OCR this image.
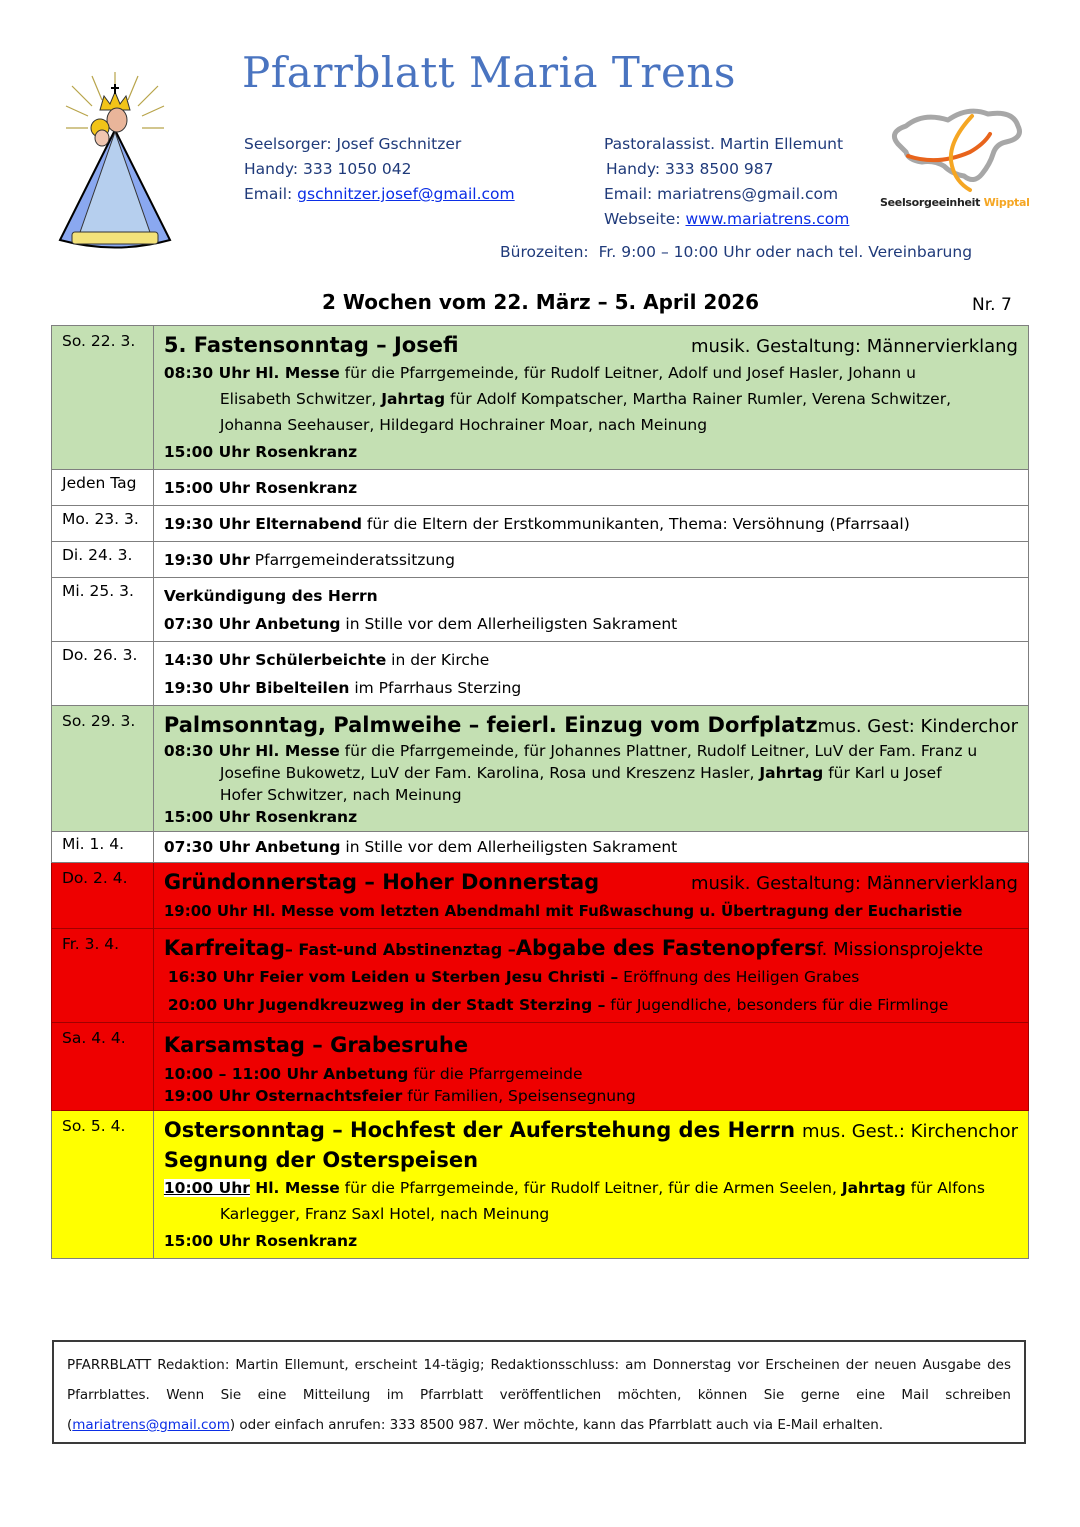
Pfarrblatt Maria Trens
Seelsorger: Josef Gschnitzer
Handy: 333 1050 042
Email: gschnitzer.josef@gmail.com
Pastoralassist. Martin Ellemunt
Handy: 333 8500 987
Email: mariatrens@gmail.com
Webseite: www.mariatrens.com
Seelsorgeeinheit Wipptal
Bürozeiten: Fr. 9:00 – 10:00 Uhr oder nach tel. Vereinbarung
2 Wochen vom 22. März – 5. April 2026	Nr. 7
So. 22. 3.	5. Fastensonntag – Josefi	musik. Gestaltung: Männervierklang
08:30 Uhr Hl. Messe für die Pfarrgemeinde, für Rudolf Leitner, Adolf und Josef Hasler, Johann u
Elisabeth Schwitzer, Jahrtag für Adolf Kompatscher, Martha Rainer Rumler, Verena Schwitzer,
Johanna Seehauser, Hildegard Hochrainer Moar, nach Meinung
15:00 Uhr Rosenkranz

Jeden Tag	15:00 Uhr Rosenkranz

Mo. 23. 3.	19:30 Uhr Elternabend für die Eltern der Erstkommunikanten, Thema: Versöhnung (Pfarrsaal)

Di. 24. 3.	19:30 Uhr Pfarrgemeinderatssitzung

Mi. 25. 3.	Verkündigung des Herrn
07:30 Uhr Anbetung in Stille vor dem Allerheiligsten Sakrament

Do. 26. 3.	14:30 Uhr Schülerbeichte in der Kirche
19:30 Uhr Bibelteilen im Pfarrhaus Sterzing

So. 29. 3.	Palmsonntag, Palmweihe – feierl. Einzug vom Dorfplatz mus. Gest: Kinderchor
08:30 Uhr Hl. Messe für die Pfarrgemeinde, für Johannes Plattner, Rudolf Leitner, LuV der Fam. Franz u
Josefine Bukowetz, LuV der Fam. Karolina, Rosa und Kreszenz Hasler, Jahrtag für Karl u Josef
Hofer Schwitzer, nach Meinung
15:00 Uhr Rosenkranz

Mi. 1. 4.	07:30 Uhr Anbetung in Stille vor dem Allerheiligsten Sakrament

Do. 2. 4.	Gründonnerstag – Hoher Donnerstag musik. Gestaltung: Männervierklang
19:00 Uhr Hl. Messe vom letzten Abendmahl mit Fußwaschung u. Übertragung der Eucharistie

Fr. 3. 4.	Karfreitag – Fast-und Abstinenztag – Abgabe des Fastenopfers f. Missionsprojekte
16:30 Uhr Feier vom Leiden u Sterben Jesu Christi – Eröffnung des Heiligen Grabes
20:00 Uhr Jugendkreuzweg in der Stadt Sterzing – für Jugendliche, besonders für die Firmlinge

Sa. 4. 4.	Karsamstag – Grabesruhe
10:00 – 11:00 Uhr Anbetung für die Pfarrgemeinde
19:00 Uhr Osternachtsfeier für Familien, Speisensegnung

So. 5. 4.	Ostersonntag – Hochfest der Auferstehung des Herrn mus. Gest.: Kirchenchor
Segnung der Osterspeisen
10:00 Uhr Hl. Messe für die Pfarrgemeinde, für Rudolf Leitner, für die Armen Seelen, Jahrtag für Alfons
Karlegger, Franz Saxl Hotel, nach Meinung
15:00 Uhr Rosenkranz
PFARRBLATT Redaktion: Martin Ellemunt, erscheint 14-tägig; Redaktionsschluss: am Donnerstag vor Erscheinen der neuen Ausgabe des Pfarrblattes. Wenn Sie eine Mitteilung im Pfarrblatt veröffentlichen möchten, können Sie gerne eine Mail schreiben (mariatrens@gmail.com) oder einfach anrufen: 333 8500 987. Wer möchte, kann das Pfarrblatt auch via E-Mail erhalten.
